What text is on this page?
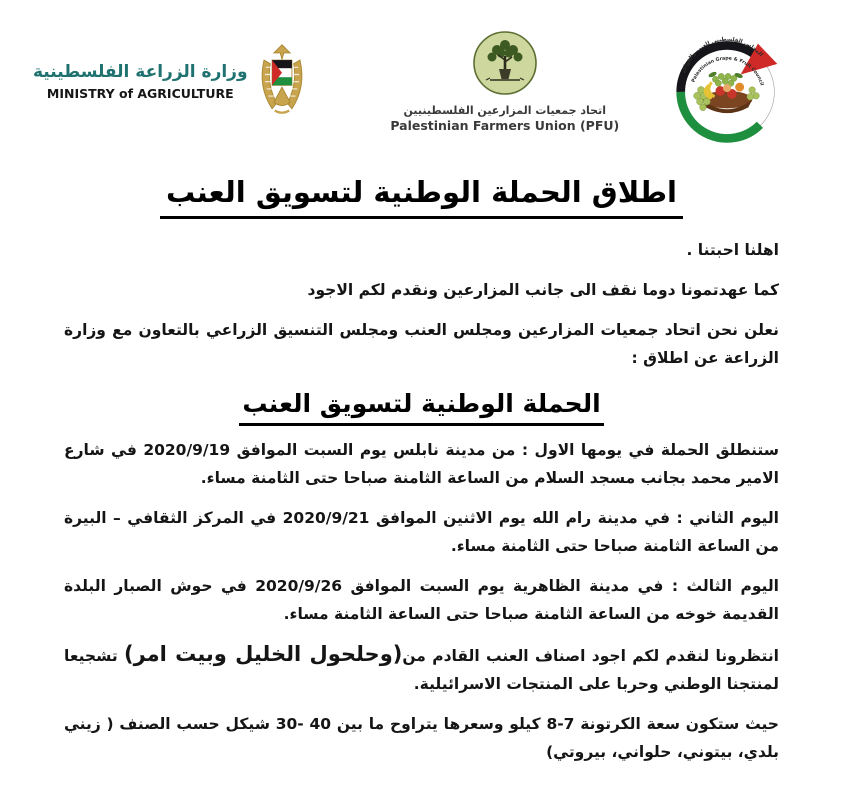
وزارة الزراعة الفلسطينية
MINISTRY of AGRICULTURE
اتحاد جمعيات المزارعين الفلسطينيين
Palestinian Farmers Union (PFU)
المجلس الفلسطيني للعنب والفواكه
Palestinian Grape & Fruit Council
اطلاق الحملة الوطنية لتسويق العنب

اهلنا احبتنا .

كما عهدتمونا دوما نقف الى جانب المزارعين ونقدم لكم الاجود

نعلن نحن اتحاد جمعيات المزارعين ومجلس العنب ومجلس التنسيق الزراعي بالتعاون مع وزارة الزراعة عن اطلاق :

الحملة الوطنية لتسويق العنب

ستنطلق الحملة في يومها الاول : من مدينة نابلس يوم السبت الموافق 2020/9/19 في شارع الامير محمد بجانب مسجد السلام من الساعة الثامنة صباحا حتى الثامنة مساء.

اليوم الثاني : في مدينة رام الله يوم الاثنين الموافق 2020/9/21 في المركز الثقافي – البيرة من الساعة الثامنة صباحا حتى الثامنة مساء.

اليوم الثالث : في مدينة الظاهرية يوم السبت الموافق 2020/9/26 في حوش الصبار البلدة القديمة خوخه من الساعة الثامنة صباحا حتى الساعة الثامنة مساء.

انتظرونا لنقدم لكم اجود اصناف العنب القادم من(وحلحول الخليل وبيت امر) تشجيعا لمنتجنا الوطني وحربا على المنتجات الاسرائيلية.

حيث ستكون سعة الكرتونة 7-8 كيلو وسعرها يتراوح ما بين ‪30- 40‬ شيكل حسب الصنف ( زيني بلدي، بيتوني، حلواني، بيروتي)
